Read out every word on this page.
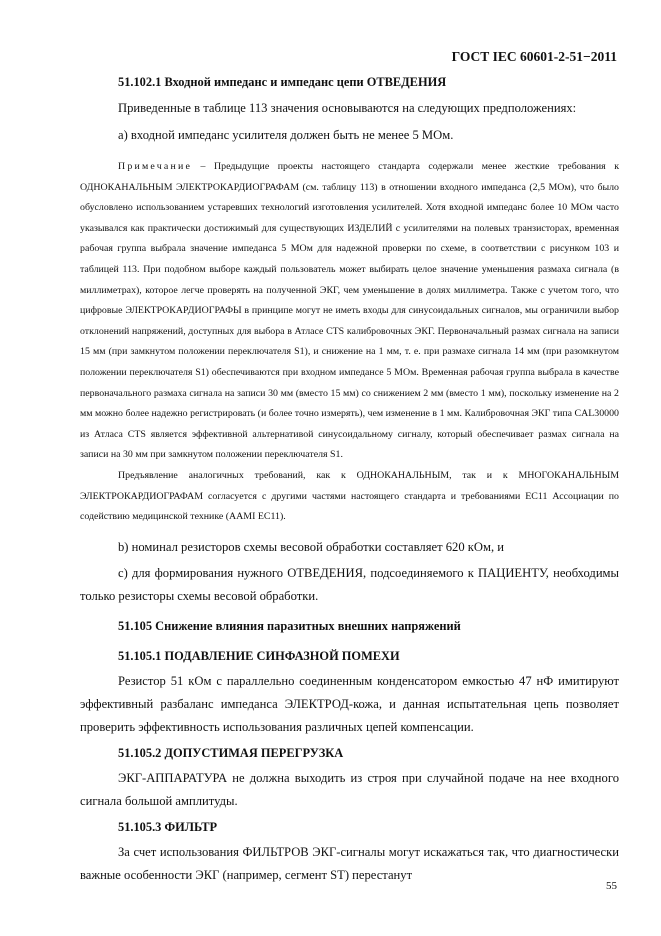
ГОСТ IEC 60601-2-51−2011

51.102.1 Входной импеданс и импеданс цепи ОТВЕДЕНИЯ

Приведенные в таблице 113 значения основываются на следующих предположениях:

а) входной импеданс усилителя должен быть не менее 5 МОм.

Примечание – Предыдущие проекты настоящего стандарта содержали менее жесткие требования к ОДНОКАНАЛЬНЫМ ЭЛЕКТРОКАРДИОГРАФАМ (см. таблицу 113) в отношении входного импеданса (2,5 МОм), что было обусловлено использованием устаревших технологий изготовления усилителей. Хотя входной импеданс более 10 МОм часто указывался как практически достижимый для существующих ИЗДЕЛИЙ с усилителями на полевых транзисторах, временная рабочая группа выбрала значение импеданса 5 МОм для надежной проверки по схеме, в соответствии с рисунком 103 и таблицей 113. При подобном выборе каждый пользователь может выбирать целое значение уменьшения размаха сигнала (в миллиметрах), которое легче проверять на полученной ЭКГ, чем уменьшение в долях миллиметра. Также с учетом того, что цифровые ЭЛЕКТРОКАРДИОГРАФЫ в принципе могут не иметь входы для синусоидальных сигналов, мы ограничили выбор отклонений напряжений, доступных для выбора в Атласе CTS калибровочных ЭКГ. Первоначальный размах сигнала на записи 15 мм (при замкнутом положении переключателя S1), и снижение на 1 мм, т. е. при размахе сигнала 14 мм (при разомкнутом положении переключателя S1) обеспечиваются при входном импедансе 5 МОм. Временная рабочая группа выбрала в качестве первоначального размаха сигнала на записи 30 мм (вместо 15 мм) со снижением 2 мм (вместо 1 мм), поскольку изменение на 2 мм можно более надежно регистрировать (и более точно измерять), чем изменение в 1 мм. Калибровочная ЭКГ типа CAL30000 из Атласа CTS является эффективной альтернативой синусоидальному сигналу, который обеспечивает размах сигнала на записи на 30 мм при замкнутом положении переключателя S1.

Предъявление аналогичных требований, как к ОДНОКАНАЛЬНЫМ, так и к МНОГОКАНАЛЬНЫМ ЭЛЕКТРОКАРДИОГРАФАМ согласуется с другими частями настоящего стандарта и требованиями EC11 Ассоциации по содействию медицинской технике (AAMI EC11).

b) номинал резисторов схемы весовой обработки составляет 620 кОм, и

c) для формирования нужного ОТВЕДЕНИЯ, подсоединяемого к ПАЦИЕНТУ, необходимы только резисторы схемы весовой обработки.

51.105 Снижение влияния паразитных внешних напряжений

51.105.1 ПОДАВЛЕНИЕ СИНФАЗНОЙ ПОМЕХИ

Резистор 51 кОм с параллельно соединенным конденсатором емкостью 47 нФ имитируют эффективный разбаланс импеданса ЭЛЕКТРОД-кожа, и данная испытательная цепь позволяет проверить эффективность использования различных цепей компенсации.

51.105.2 ДОПУСТИМАЯ ПЕРЕГРУЗКА

ЭКГ-АППАРАТУРА не должна выходить из строя при случайной подаче на нее входного сигнала большой амплитуды.

51.105.3 ФИЛЬТР

За счет использования ФИЛЬТРОВ ЭКГ-сигналы могут искажаться так, что диагностически важные особенности ЭКГ (например, сегмент ST) перестанут

55
